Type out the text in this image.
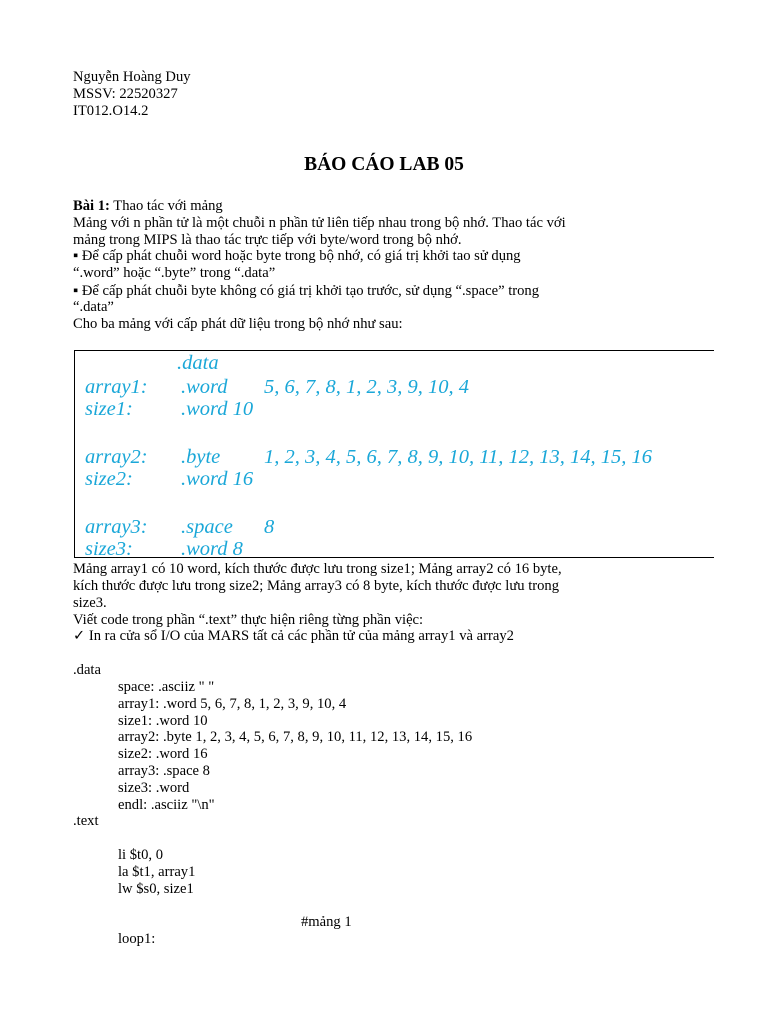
Nguyễn Hoàng Duy
MSSV: 22520327
IT012.O14.2
BÁO CÁO LAB 05
Bài 1: Thao tác với mảng
Mảng với n phần tử là một chuỗi n phần tử liên tiếp nhau trong bộ nhớ. Thao tác với
mảng trong MIPS là thao tác trực tiếp với byte/word trong bộ nhớ.
▪ Để cấp phát chuỗi word hoặc byte trong bộ nhớ, có giá trị khởi tao sử dụng
“.word” hoặc “.byte” trong “.data”
▪ Để cấp phát chuỗi byte không có giá trị khởi tạo trước, sử dụng “.space” trong
“.data”
Cho ba mảng với cấp phát dữ liệu trong bộ nhớ như sau:
.data
array1: .word 5, 6, 7, 8, 1, 2, 3, 9, 10, 4
size1: .word 10
array2: .byte 1, 2, 3, 4, 5, 6, 7, 8, 9, 10, 11, 12, 13, 14, 15, 16
size2: .word 16
array3: .space 8
size3: .word 8
Mảng array1 có 10 word, kích thước được lưu trong size1; Mảng array2 có 16 byte,
kích thước được lưu trong size2; Mảng array3 có 8 byte, kích thước được lưu trong
size3.
Viết code trong phần “.text” thực hiện riêng từng phần việc:
✓ In ra cửa sổ I/O của MARS tất cả các phần tử của mảng array1 và array2
.data
space: .asciiz " "
array1: .word 5, 6, 7, 8, 1, 2, 3, 9, 10, 4
size1: .word 10
array2: .byte 1, 2, 3, 4, 5, 6, 7, 8, 9, 10, 11, 12, 13, 14, 15, 16
size2: .word 16
array3: .space 8
size3: .word
endl: .asciiz "\n"
.text
li $t0, 0
la $t1, array1
lw $s0, size1
#mảng 1
loop1:
